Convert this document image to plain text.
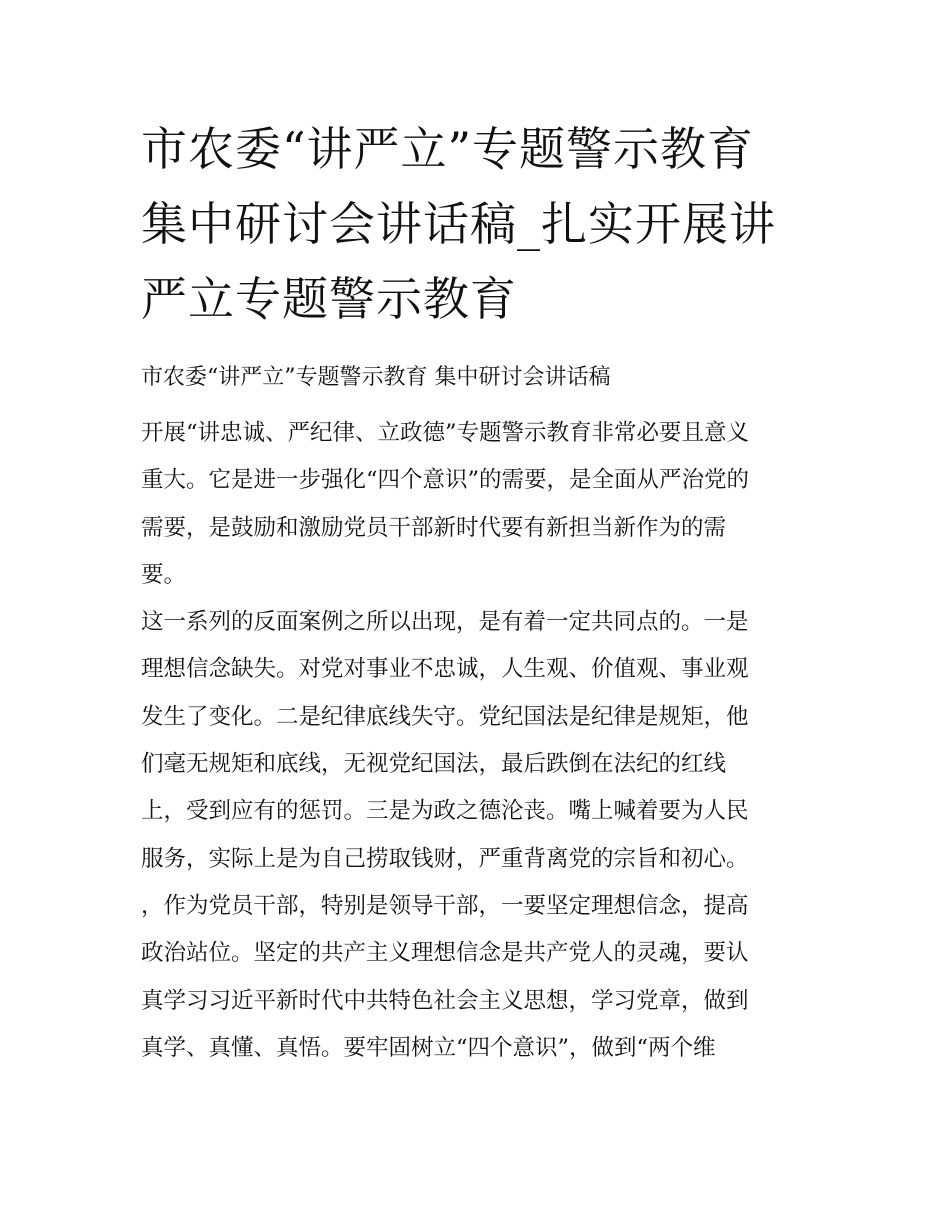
市农委“讲严立”专题警示教育
集中研讨会讲话稿_扎实开展讲
严立专题警示教育

市农委“讲严立”专题警示教育 集中研讨会讲话稿

开展“讲忠诚、严纪律、立政德”专题警示教育非常必要且意义
重大。它是进一步强化“四个意识”的需要，是全面从严治党的
需要，是鼓励和激励党员干部新时代要有新担当新作为的需
要。
这一系列的反面案例之所以出现，是有着一定共同点的。一是
理想信念缺失。对党对事业不忠诚，人生观、价值观、事业观
发生了变化。二是纪律底线失守。党纪国法是纪律是规矩，他
们毫无规矩和底线，无视党纪国法，最后跌倒在法纪的红线
上，受到应有的惩罚。三是为政之德沦丧。嘴上喊着要为人民
服务，实际上是为自己捞取钱财，严重背离党的宗旨和初心。
，作为党员干部，特别是领导干部，一要坚定理想信念，提高
政治站位。坚定的共产主义理想信念是共产党人的灵魂，要认
真学习习近平新时代中共特色社会主义思想，学习党章，做到
真学、真懂、真悟。要牢固树立“四个意识”，做到“两个维
